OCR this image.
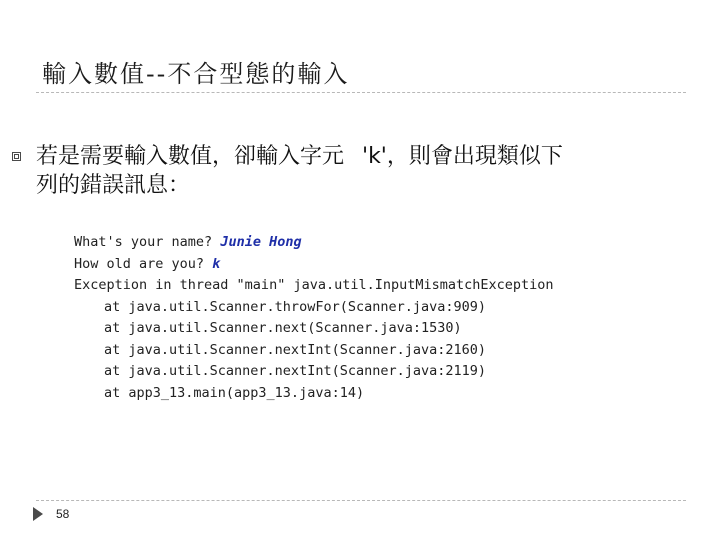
輸入數值--不合型態的輸入
若是需要輸入數值，卻輸入字元 'k'，則會出現類似下
列的錯誤訊息：
What's your name? Junie Hong
How old are you? k
Exception in thread "main" java.util.InputMismatchException
at java.util.Scanner.throwFor(Scanner.java:909)
at java.util.Scanner.next(Scanner.java:1530)
at java.util.Scanner.nextInt(Scanner.java:2160)
at java.util.Scanner.nextInt(Scanner.java:2119)
at app3_13.main(app3_13.java:14)
58
